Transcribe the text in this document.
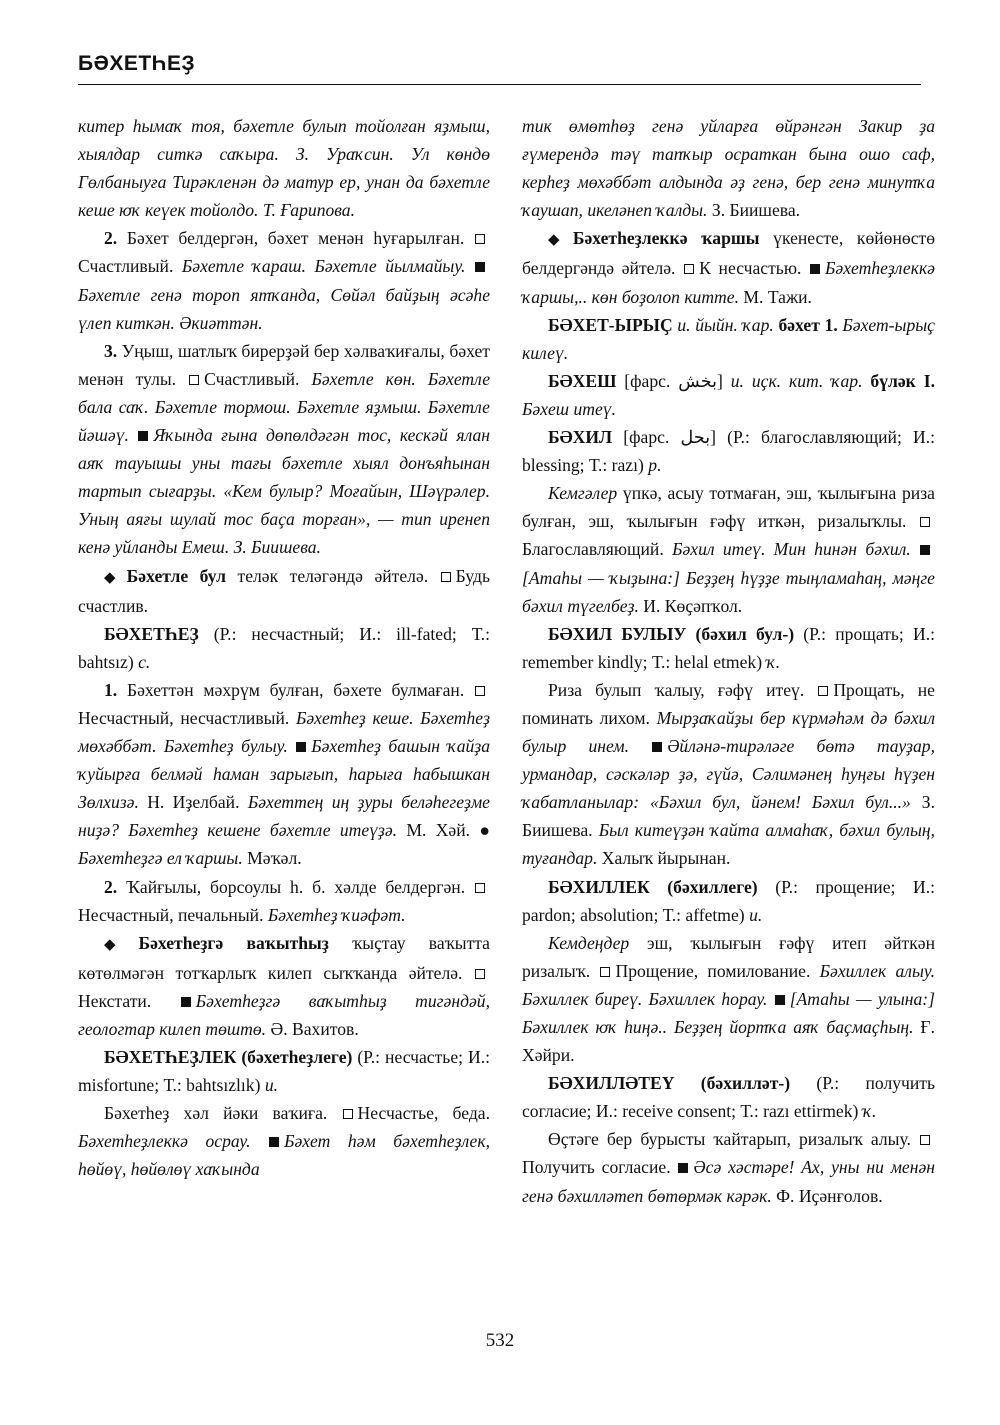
БӘХЕТҺЕҘ

китер һымаҡ тоя, бәхетле булып тойолған яҙмыш, хыялдар ситкә саҡыра. З. Ураҡсин. Ул көндө Гөлбаныуға Тирәкленән дә матур ер, унан да бәхетле кеше юҡ кеүек тойолдо. Т. Ғарипова.

2. Бәхет белдергән, бәхет менән һуғарылған. Счастливый. Бәхетле ҡараш. Бәхетле йылмайыу. Бәхетле генә тороп ятҡанда, Сөйәл байҙың әсәһе үлеп киткән. Әкиәттән.

3. Уңыш, шатлыҡ бирерҙәй бер хәлваҡиғалы, бәхет менән тулы. Счастливый. Бәхетле көн. Бәхетле бала саҡ. Бәхетле тормош. Бәхетле яҙмыш. Бәхетле йәшәү. Яҡында ғына дөпөлдәгән тос, кескәй ялан аяҡ тауышы уны тағы бәхетле хыял донъяһынан тартып сығарҙы. «Кем булыр? Моғайын, Шәүрәлер. Уның аяғы шулай тос баҫа торған», — тип иренеп кенә уйланды Емеш. З. Биишева.

◆ Бәхетле бул теләк теләгәндә әйтелә. Будь счастлив.

БӘХЕТҺЕҘ (Р.: несчастный; И.: ill-fated; Т.: bahtsız) с.

1. Бәхеттән мәхрүм булған, бәхете булмаған. Несчастный, несчастливый. Бәхетһеҙ кеше. Бәхетһеҙ мөхәббәт. Бәхетһеҙ булыу. Бәхетһеҙ башын ҡайҙа ҡуйырға белмәй һаман зарығып, һарыға һабышкан Зөлхизә. Н. Иҙелбай. Бәхеттең иң ҙуры беләһегеҙме ниҙә? Бәхетһеҙ кешене бәхетле итеүҙә. М. Хәй. ● Бәхетһеҙгә ел ҡаршы. Мәҡәл.

2. Ҡайғылы, борсоулы һ. б. хәлде белдергән. Несчастный, печальный. Бәхетһеҙ ҡиәфәт.

◆ Бәхетһеҙгә ваҡытһыҙ ҡыҫтау ваҡытта көтөлмәгән тотҡарлыҡ килеп сыҡҡанда әйтелә. Некстати.	Бәхетһеҙгә ваҡытһыҙ тигәндәй, геологтар килеп төштө. Ә. Вахитов.

БӘХЕТҺЕҘЛЕК (бәхетһеҙлеге) (Р.: несчастье; И.: misfortune; Т.: bahtsızlık) и.

Бәхетһеҙ хәл йәки ваҡиға. Несчастье, беда. Бәхетһеҙлеккә осрау. Бәхет һәм бәхетһеҙлек, һөйөү, һөйөлөү хаҡында

тик өмөтһөҙ генә уйларға өйрәнгән Закир ҙа ғүмерендә тәү тапҡыр осраткан бына ошо саф, керһеҙ мөхәббәт алдында әҙ генә, бер генә минутҡа ҡаушап, икеләнеп ҡалды. З. Биишева.

◆ Бәхетһеҙлеккә ҡаршы үкенесте, көйөнөстө белдергәндә әйтелә. К несчастью. Бәхетһеҙлеккә ҡаршы,.. көн боҙолоп китте. М. Тажи.

БӘХЕТ-ЫРЫҪ и. йыйн. ҡар. бәхет 1. Бәхет-ырыҫ килеү.

БӘХЕШ [фарс. بخش] и. иҫк. кит. ҡар. бүләк I. Бәхеш итеү.

БӘХИЛ [фарс. بحل] (Р.: благославляющий; И.: blessing; Т.: razı) р.

Кемгәлер үпкә, асыу тотмаған, эш, ҡылығына риза булған, эш, ҡылығын ғәфү иткән, ризалыҡлы. Благославляющий. Бәхил итеү. Мин һинән бәхил. [Атаһы — ҡыҙына:] Беҙҙең һүҙҙе тыңламаһаң, мәңге бәхил түгелбеҙ. И. Көҫәпҡол.

БӘХИЛ БУЛЫУ (бәхил бул-) (Р.: прощать; И.: remember kindly; Т.: helal etmek) ҡ.

Риза булып ҡалыу, ғәфү итеү. Прощать, не поминать лихом. Мырҙаҡайҙы бер күрмәһәм дә бәхил булыр инем. Әйләнә-тирәләге бөтә тауҙар, урмандар, сәскәләр ҙә, гүйә, Сәлимәнең һуңғы һүҙен ҡабатланылар: «Бәхил бул, йәнем! Бәхил бул...» З. Биишева. Был китеүҙән ҡайта алмаһаҡ, бәхил булың, туғандар. Халыҡ йырынан.

БӘХИЛЛЕК (бәхиллеге) (Р.: прощение; И.: pardon; absolution; Т.: affetme) и.

Кемдеңдер эш, ҡылығын ғәфү итеп әйткән ризалыҡ. Прощение, помилование. Бәхиллек алыу. Бәхиллек биреү. Бәхиллек һорау. [Атаһы — улына:] Бәхиллек юҡ һиңә.. Беҙҙең йортҡа аяҡ баҫмаҫһың. Ғ. Хәйри.

БӘХИЛЛӘТЕҮ (бәхилләт-) (Р.: получить согласие; И.: receive consent; Т.: razı ettirmek) ҡ.

Өҫтәге бер бурысты ҡайтарып, ризалыҡ алыу. Получить согласие. Әсә хәстәре! Ах, уны ни менән генә бәхилләтеп бөтөрмәк кәрәк. Ф. Иҫәнғолов.

532
